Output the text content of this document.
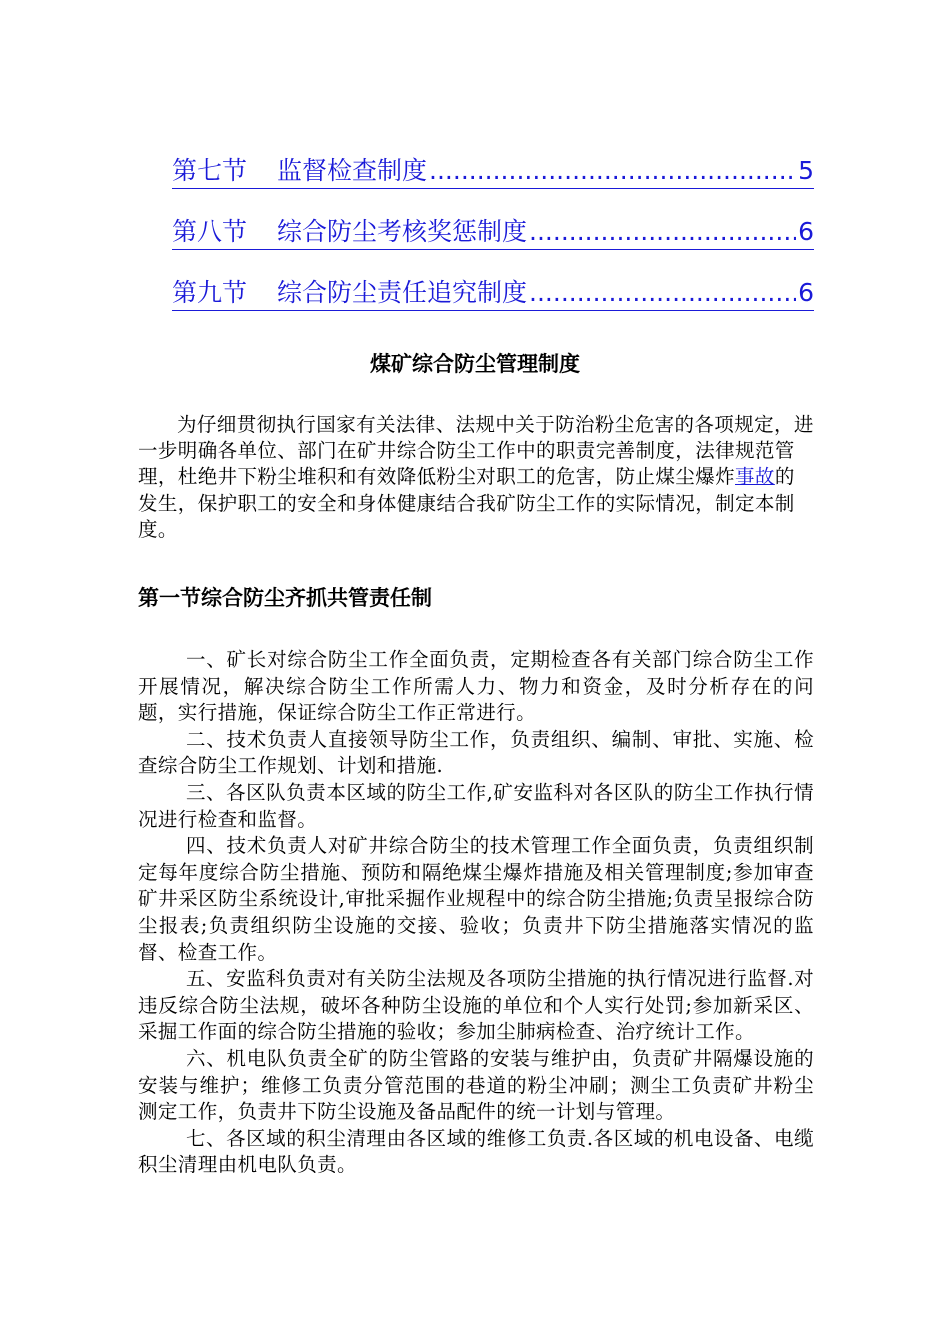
第七节 监督检查制度 .....	5
第八节 综合防尘考核奖惩制度 .....	6
第九节 综合防尘责任追究制度 .....	6
煤矿综合防尘管理制度

为仔细贯彻执行国家有关法律、法规中关于防治粉尘危害的各项规定，进一步明确各单位、部门在矿井综合防尘工作中的职责完善制度，法律规范管理，杜绝井下粉尘堆积和有效降低粉尘对职工的危害，防止煤尘爆炸事故的发生，保护职工的安全和身体健康结合我矿防尘工作的实际情况，制定本制度。

第一节综合防尘齐抓共管责任制

一、矿长对综合防尘工作全面负责，定期检查各有关部门综合防尘工作开展情况，解决综合防尘工作所需人力、物力和资金，及时分析存在的问题，实行措施，保证综合防尘工作正常进行。

二、技术负责人直接领导防尘工作，负责组织、编制、审批、实施、检查综合防尘工作规划、计划和措施.

三、各区队负责本区域的防尘工作,矿安监科对各区队的防尘工作执行情况进行检查和监督。

四、技术负责人对矿井综合防尘的技术管理工作全面负责，负责组织制定每年度综合防尘措施、预防和隔绝煤尘爆炸措施及相关管理制度;参加审查矿井采区防尘系统设计,审批采掘作业规程中的综合防尘措施;负责呈报综合防尘报表;负责组织防尘设施的交接、验收；负责井下防尘措施落实情况的监督、检查工作。

五、安监科负责对有关防尘法规及各项防尘措施的执行情况进行监督.对违反综合防尘法规，破坏各种防尘设施的单位和个人实行处罚;参加新采区、采掘工作面的综合防尘措施的验收；参加尘肺病检查、治疗统计工作。

六、机电队负责全矿的防尘管路的安装与维护由，负责矿井隔爆设施的安装与维护；维修工负责分管范围的巷道的粉尘冲刷；测尘工负责矿井粉尘测定工作，负责井下防尘设施及备品配件的统一计划与管理。

七、各区域的积尘清理由各区域的维修工负责.各区域的机电设备、电缆积尘清理由机电队负责。
